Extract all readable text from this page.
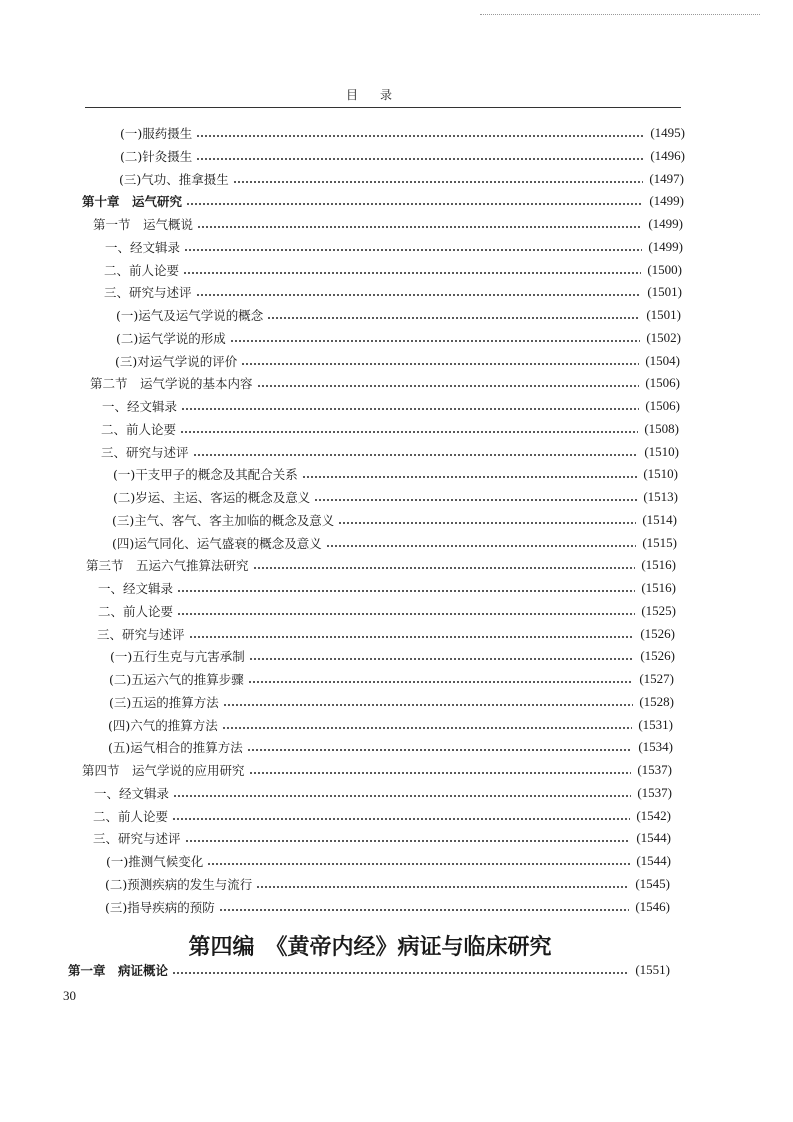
目录
(一)服药摄生	(1495)
(二)针灸摄生	(1496)
(三)气功、推拿摄生	(1497)
第十章　运气研究	(1499)
第一节　运气概说	(1499)
一、经文辑录	(1499)
二、前人论要	(1500)
三、研究与述评	(1501)
(一)运气及运气学说的概念	(1501)
(二)运气学说的形成	(1502)
(三)对运气学说的评价	(1504)
第二节　运气学说的基本内容	(1506)
一、经文辑录	(1506)
二、前人论要	(1508)
三、研究与述评	(1510)
(一)干支甲子的概念及其配合关系	(1510)
(二)岁运、主运、客运的概念及意义	(1513)
(三)主气、客气、客主加临的概念及意义	(1514)
(四)运气同化、运气盛衰的概念及意义	(1515)
第三节　五运六气推算法研究	(1516)
一、经文辑录	(1516)
二、前人论要	(1525)
三、研究与述评	(1526)
(一)五行生克与亢害承制	(1526)
(二)五运六气的推算步骤	(1527)
(三)五运的推算方法	(1528)
(四)六气的推算方法	(1531)
(五)运气相合的推算方法	(1534)
第四节　运气学说的应用研究	(1537)
一、经文辑录	(1537)
二、前人论要	(1542)
三、研究与述评	(1544)
(一)推测气候变化	(1544)
(二)预测疾病的发生与流行	(1545)
(三)指导疾病的预防	(1546)
第四编　《黄帝内经》病证与临床研究
第一章　病证概论	(1551)
30
